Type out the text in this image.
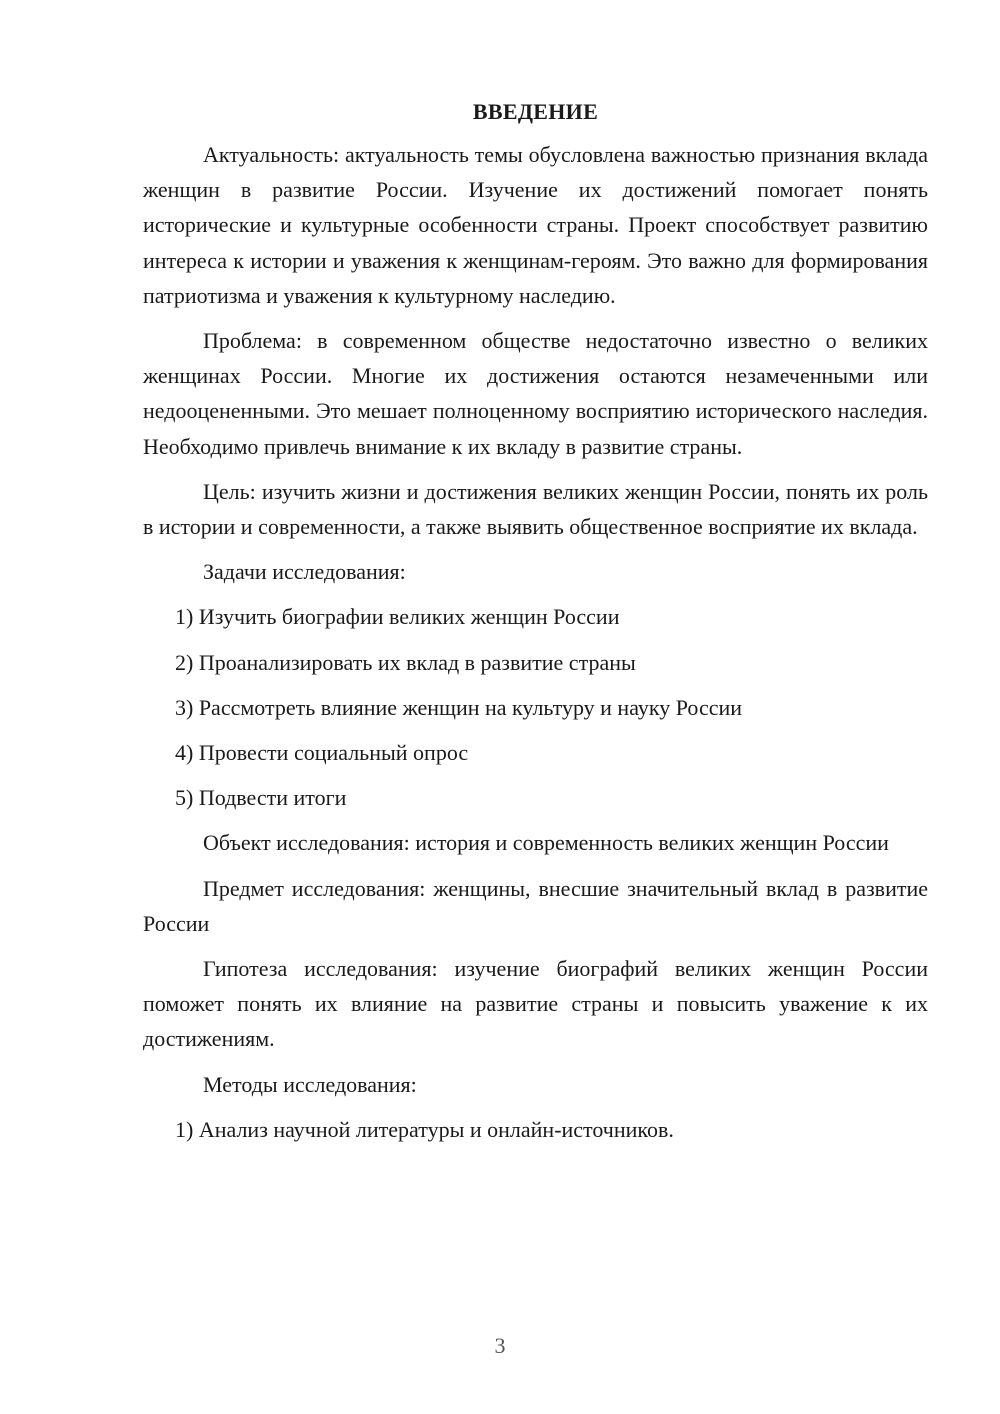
ВВЕДЕНИЕ

Актуальность: актуальность темы обусловлена важностью признания вклада женщин в развитие России. Изучение их достижений помогает понять исторические и культурные особенности страны. Проект способствует развитию интереса к истории и уважения к женщинам-героям. Это важно для формирования патриотизма и уважения к культурному наследию.

Проблема: в современном обществе недостаточно известно о великих женщинах России. Многие их достижения остаются незамеченными или недооцененными. Это мешает полноценному восприятию исторического наследия. Необходимо привлечь внимание к их вкладу в развитие страны.

Цель: изучить жизни и достижения великих женщин России, понять их роль в истории и современности, а также выявить общественное восприятие их вклада.

Задачи исследования:

1) Изучить биографии великих женщин России
2) Проанализировать их вклад в развитие страны
3) Рассмотреть влияние женщин на культуру и науку России
4) Провести социальный опрос
5) Подвести итоги

Объект исследования: история и современность великих женщин России

Предмет исследования: женщины, внесшие значительный вклад в развитие России

Гипотеза исследования: изучение биографий великих женщин России поможет понять их влияние на развитие страны и повысить уважение к их достижениям.

Методы исследования:

1) Анализ научной литературы и онлайн-источников.
3
